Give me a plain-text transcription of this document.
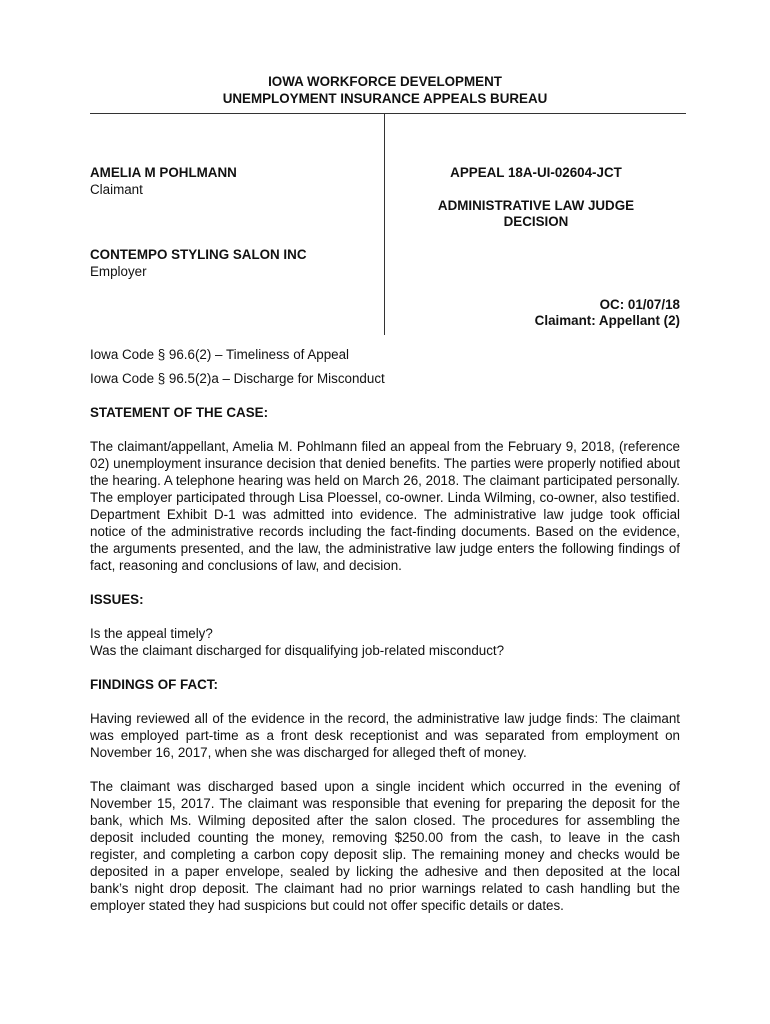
IOWA WORKFORCE DEVELOPMENT
UNEMPLOYMENT INSURANCE APPEALS BUREAU
AMELIA M POHLMANN
Claimant
CONTEMPO STYLING SALON INC
Employer
APPEAL 18A-UI-02604-JCT
ADMINISTRATIVE LAW JUDGE
DECISION
OC: 01/07/18
Claimant: Appellant (2)

Iowa Code § 96.6(2) – Timeliness of Appeal

Iowa Code § 96.5(2)a – Discharge for Misconduct

STATEMENT OF THE CASE:

The claimant/appellant, Amelia M. Pohlmann filed an appeal from the February 9, 2018, (reference 02) unemployment insurance decision that denied benefits. The parties were properly notified about the hearing. A telephone hearing was held on March 26, 2018. The claimant participated personally. The employer participated through Lisa Ploessel, co-owner. Linda Wilming, co-owner, also testified. Department Exhibit D-1 was admitted into evidence. The administrative law judge took official notice of the administrative records including the fact-finding documents. Based on the evidence, the arguments presented, and the law, the administrative law judge enters the following findings of fact, reasoning and conclusions of law, and decision.

ISSUES:

Is the appeal timely?

Was the claimant discharged for disqualifying job-related misconduct?

FINDINGS OF FACT:

Having reviewed all of the evidence in the record, the administrative law judge finds: The claimant was employed part-time as a front desk receptionist and was separated from employment on November 16, 2017, when she was discharged for alleged theft of money.

The claimant was discharged based upon a single incident which occurred in the evening of November 15, 2017. The claimant was responsible that evening for preparing the deposit for the bank, which Ms. Wilming deposited after the salon closed. The procedures for assembling the deposit included counting the money, removing $250.00 from the cash, to leave in the cash register, and completing a carbon copy deposit slip. The remaining money and checks would be deposited in a paper envelope, sealed by licking the adhesive and then deposited at the local bank’s night drop deposit. The claimant had no prior warnings related to cash handling but the employer stated they had suspicions but could not offer specific details or dates.
